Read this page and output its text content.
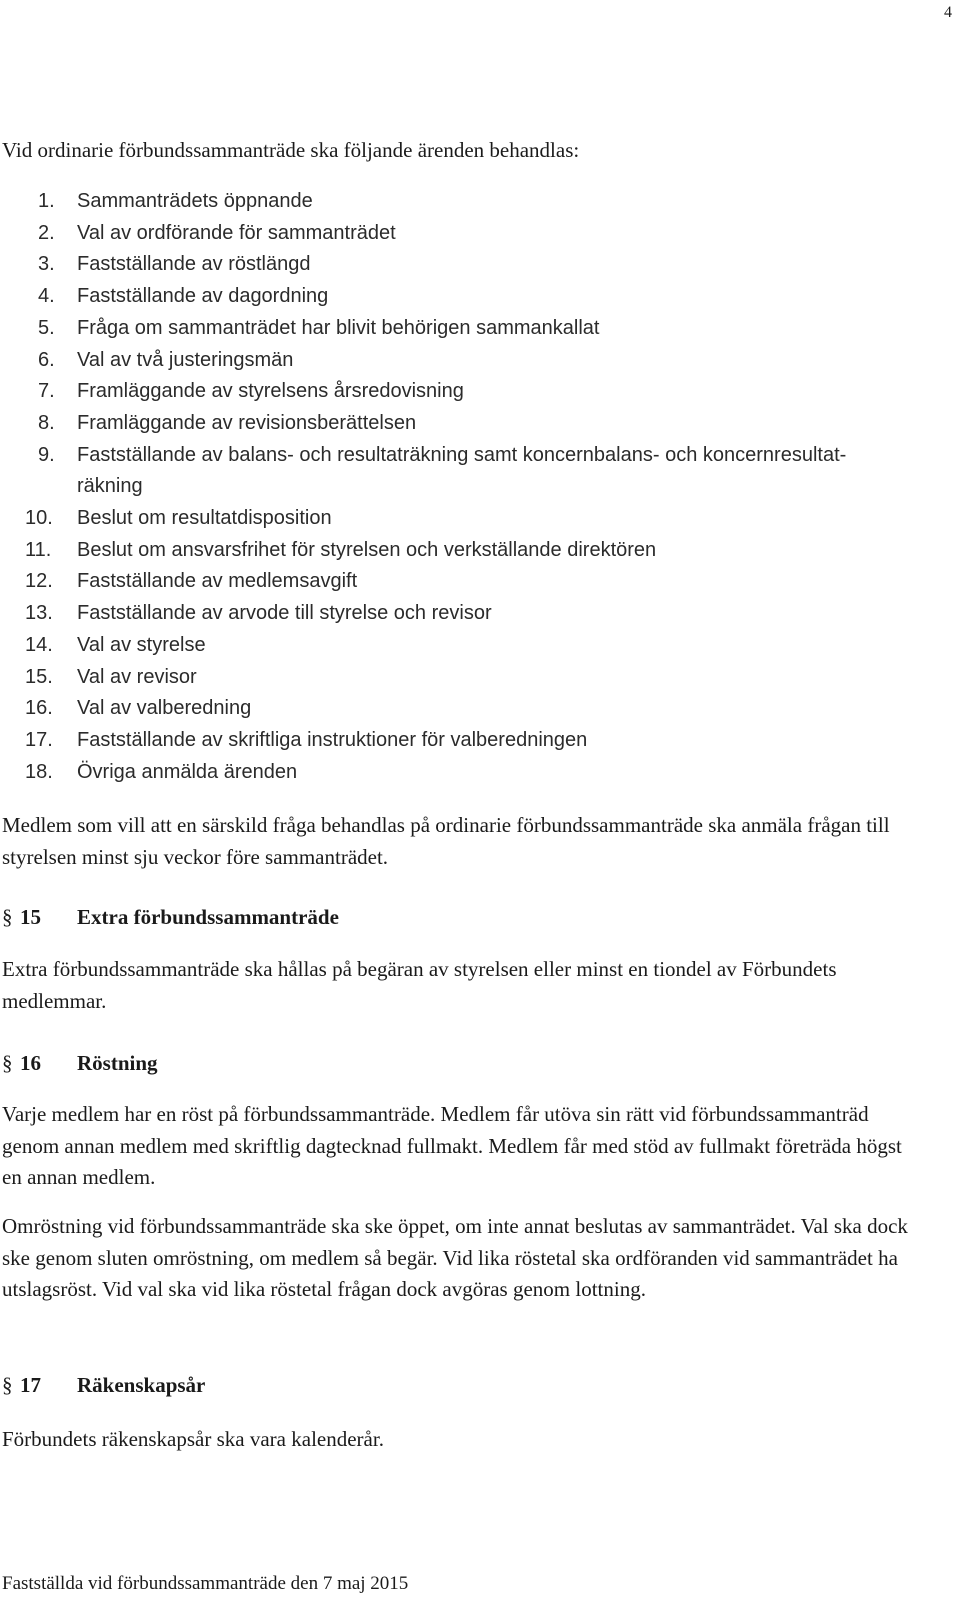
4
Vid ordinarie förbundssammanträde ska följande ärenden behandlas:
1. Sammanträdets öppnande
2. Val av ordförande för sammanträdet
3. Fastställande av röstlängd
4. Fastställande av dagordning
5. Fråga om sammanträdet har blivit behörigen sammankallat
6. Val av två justeringsmän
7. Framläggande av styrelsens årsredovisning
8. Framläggande av revisionsberättelsen
9. Fastställande av balans- och resultaträkning samt koncernbalans- och koncernresultat-
räkning
10. Beslut om resultatdisposition
11. Beslut om ansvarsfrihet för styrelsen och verkställande direktören
12. Fastställande av medlemsavgift
13. Fastställande av arvode till styrelse och revisor
14. Val av styrelse
15. Val av revisor
16. Val av valberedning
17. Fastställande av skriftliga instruktioner för valberedningen
18. Övriga anmälda ärenden

Medlem som vill att en särskild fråga behandlas på ordinarie förbundssammanträde ska anmäla frågan till styrelsen minst sju veckor före sammanträdet.

§ 15 Extra förbundssammanträde

Extra förbundssammanträde ska hållas på begäran av styrelsen eller minst en tiondel av Förbundets medlemmar.

§ 16 Röstning

Varje medlem har en röst på förbundssammanträde. Medlem får utöva sin rätt vid förbundssammanträd genom annan medlem med skriftlig dagtecknad fullmakt. Medlem får med stöd av fullmakt företräda högst en annan medlem.

Omröstning vid förbundssammanträde ska ske öppet, om inte annat beslutas av sammanträdet. Val ska dock ske genom sluten omröstning, om medlem så begär. Vid lika röstetal ska ordföranden vid sammanträdet ha utslagsröst. Vid val ska vid lika röstetal frågan dock avgöras genom lottning.

§ 17 Räkenskapsår

Förbundets räkenskapsår ska vara kalenderår.

Fastställda vid förbundssammanträde den 7 maj 2015
